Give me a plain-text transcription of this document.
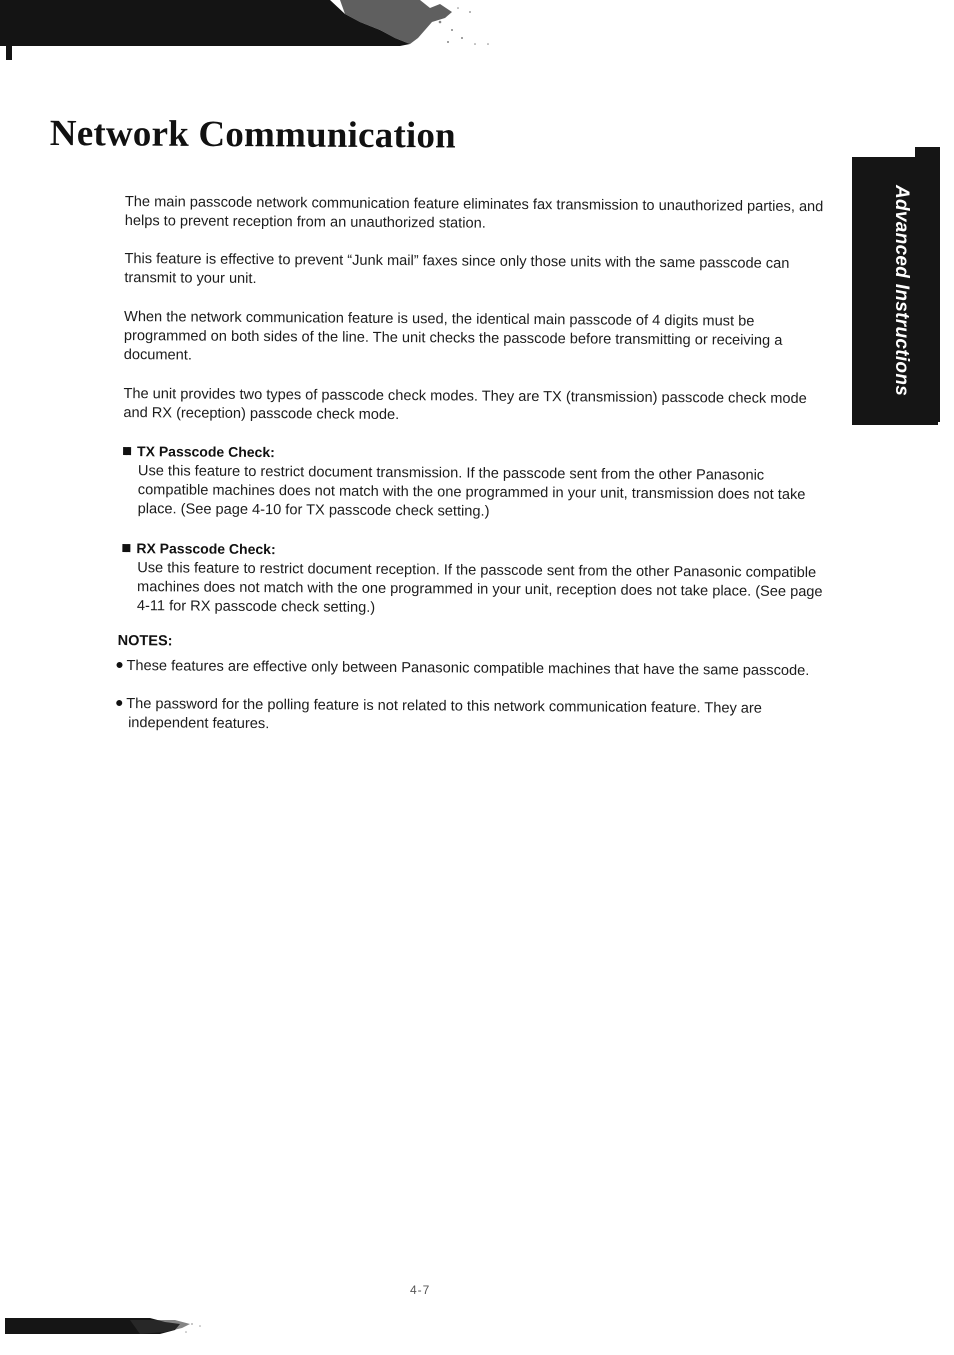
Network Communication
Advanced Instructions

The main passcode network communication feature eliminates fax transmission to unauthorized parties, and helps to prevent reception from an unauthorized station.

This feature is effective to prevent “Junk mail” faxes since only those units with the same passcode can transmit to your unit.

When the network communication feature is used, the identical main passcode of 4 digits must be programmed on both sides of the line. The unit checks the passcode before transmitting or receiving a document.

The unit provides two types of passcode check modes. They are TX (transmission) passcode check mode and RX (reception) passcode check mode.

TX Passcode Check:

Use this feature to restrict document transmission. If the passcode sent from the other Panasonic compatible machines does not match with the one programmed in your unit, transmission does not take place. (See page 4-10 for TX passcode check setting.)

RX Passcode Check:

Use this feature to restrict document reception. If the passcode sent from the other Panasonic compatible machines does not match with the one programmed in your unit, reception does not take place. (See page 4-11 for RX passcode check setting.)

NOTES:

These features are effective only between Panasonic compatible machines that have the same passcode.

The password for the polling feature is not related to this network communication feature. They are independent features.

4-7
